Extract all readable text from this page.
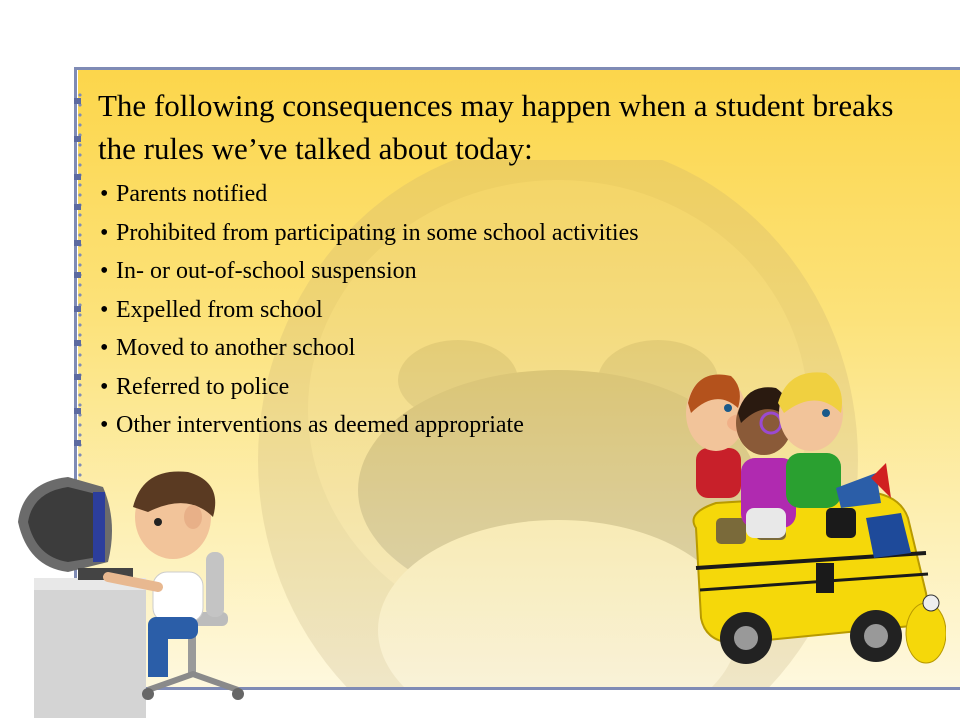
The following consequences may happen when a student breaks the rules we’ve talked about today:
• Parents notified
• Prohibited from participating in some school activities
• In- or out-of-school suspension
• Expelled from school
• Moved to another school
• Referred to police
• Other interventions as deemed appropriate
